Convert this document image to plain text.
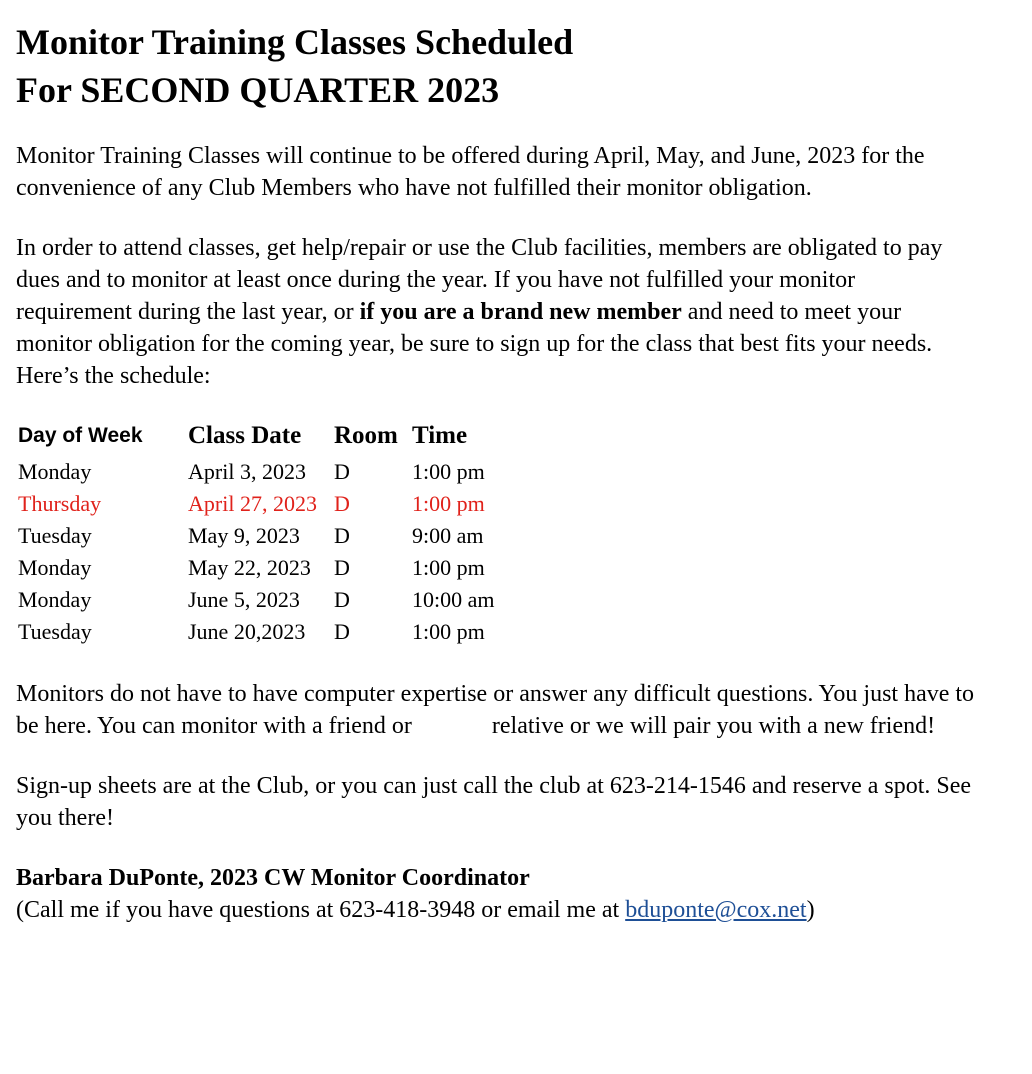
Monitor Training Classes Scheduled
For SECOND QUARTER 2023

Monitor Training Classes will continue to be offered during April, May, and June, 2023 for the convenience of any Club Members who have not fulfilled their monitor obligation.

In order to attend classes, get help/repair or use the Club facilities, members are obligated to pay dues and to monitor at least once during the year. If you have not fulfilled your monitor requirement during the last year, or if you are a brand new member and need to meet your monitor obligation for the coming year, be sure to sign up for the class that best fits your needs. Here’s the schedule:

Day of Week	Class Date	Room	Time
Monday	April 3, 2023	D	1:00 pm
Thursday	April 27, 2023	D	1:00 pm
Tuesday	May 9, 2023	D	9:00 am
Monday	May 22, 2023	D	1:00 pm
Monday	June 5, 2023	D	10:00 am
Tuesday	June 20,2023	D	1:00 pm

Monitors do not have to have computer expertise or answer any difficult questions. You just have to be here. You can monitor with a friend or	relative or we will pair you with a new friend!

Sign-up sheets are at the Club, or you can just call the club at 623-214-1546 and reserve a spot. See you there!

Barbara DuPonte, 2023 CW Monitor Coordinator
(Call me if you have questions at 623-418-3948 or email me at bduponte@cox.net)
